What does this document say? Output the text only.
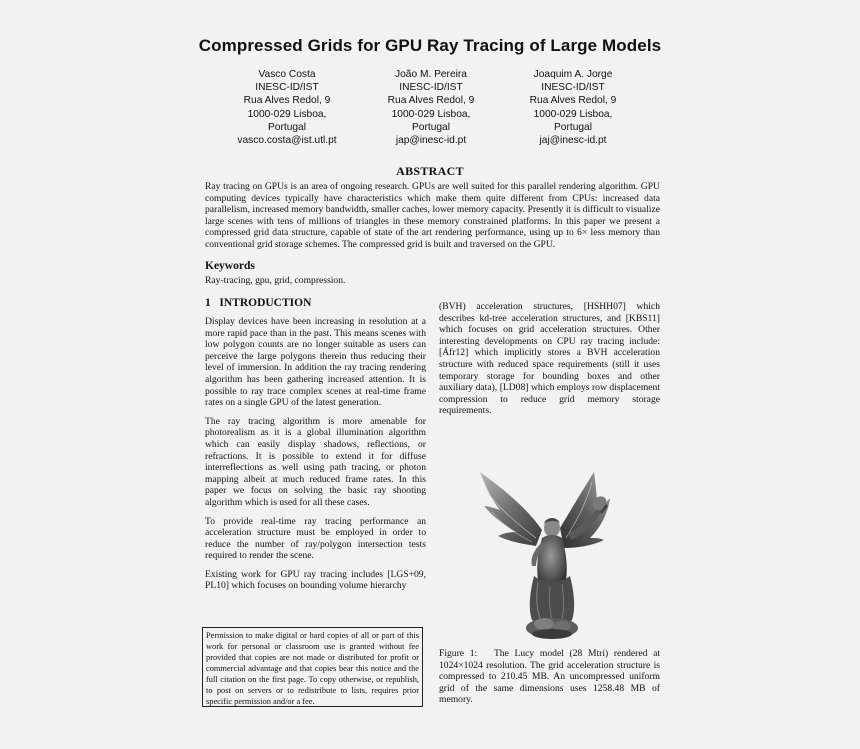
Compressed Grids for GPU Ray Tracing of Large Models
Vasco Costa
INESC-ID/IST
Rua Alves Redol, 9
1000-029 Lisboa,
Portugal
vasco.costa@ist.utl.pt
João M. Pereira
INESC-ID/IST
Rua Alves Redol, 9
1000-029 Lisboa,
Portugal
jap@inesc-id.pt
Joaquim A. Jorge
INESC-ID/IST
Rua Alves Redol, 9
1000-029 Lisboa,
Portugal
jaj@inesc-id.pt
ABSTRACT
Ray tracing on GPUs is an area of ongoing research. GPUs are well suited for this parallel rendering algorithm. GPU computing devices typically have characteristics which make them quite different from CPUs: increased data parallelism, increased memory bandwidth, smaller caches, lower memory capacity. Presently it is difficult to visualize large scenes with tens of millions of triangles in these memory constrained platforms. In this paper we present a compressed grid data structure, capable of state of the art rendering performance, using up to 6× less memory than conventional grid storage schemes. The compressed grid is built and traversed on the GPU.
Keywords
Ray-tracing, gpu, grid, compression.
1   INTRODUCTION

Display devices have been increasing in resolution at a more rapid pace than in the past. This means scenes with low polygon counts are no longer suitable as users can perceive the large polygons therein thus reducing their level of immersion. In addition the ray tracing rendering algorithm has been gathering increased attention. It is possible to ray trace complex scenes at real-time frame rates on a single GPU of the latest generation.

The ray tracing algorithm is more amenable for photorealism as it is a global illumination algorithm which can easily display shadows, reflections, or refractions. It is possible to extend it for diffuse interreflections as well using path tracing, or photon mapping albeit at much reduced frame rates. In this paper we focus on solving the basic ray shooting algorithm which is used for all these cases.

To provide real-time ray tracing performance an acceleration structure must be employed in order to reduce the number of ray/polygon intersection tests required to render the scene.

Existing work for GPU ray tracing includes [LGS+09, PL10] which focuses on bounding volume hierarchy

(BVH) acceleration structures, [HSHH07] which describes kd-tree acceleration structures, and [KBS11] which focuses on grid acceleration structures. Other interesting developments on CPU ray tracing include: [Áfr12] which implicitly stores a BVH acceleration structure with reduced space requirements (still it uses temporary storage for bounding boxes and other auxiliary data), [LD08] which employs row displacement compression to reduce grid memory storage requirements.

Permission to make digital or hard copies of all or part of this work for personal or classroom use is granted without fee provided that copies are not made or distributed for profit or commercial advantage and that copies bear this notice and the full citation on the first page. To copy otherwise, or republish, to post on servers or to redistribute to lists, requires prior specific permission and/or a fee.
Figure 1:   The Lucy model (28 Mtri) rendered at 1024×1024 resolution. The grid acceleration structure is compressed to 210.45 MB. An uncompressed uniform grid of the same dimensions uses 1258.48 MB of memory.
